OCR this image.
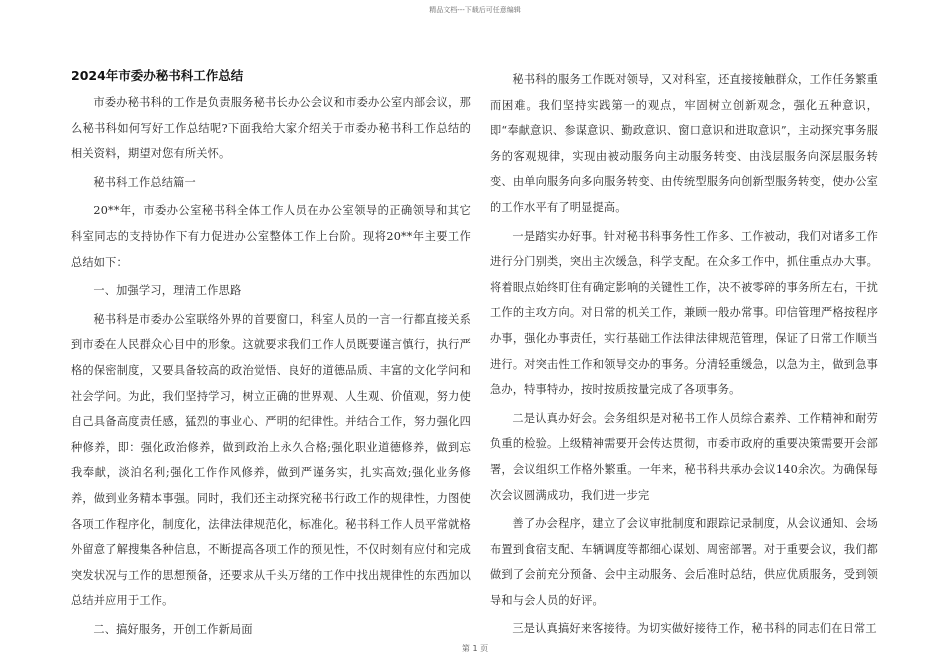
精品文档---下载后可任意编辑
2024年市委办秘书科工作总结

市委办秘书科的工作是负责服务秘书长办公会议和市委办公室内部会议，那么秘书科如何写好工作总结呢?下面我给大家介绍关于市委办秘书科工作总结的相关资料，期望对您有所关怀。

秘书科工作总结篇一

20**年，市委办公室秘书科全体工作人员在办公室领导的正确领导和其它科室同志的支持协作下有力促进办公室整体工作上台阶。现将20**年主要工作总结如下：

一、加强学习，理清工作思路

秘书科是市委办公室联络外界的首要窗口，科室人员的一言一行都直接关系到市委在人民群众心目中的形象。这就要求我们工作人员既要谨言慎行，执行严格的保密制度，又要具备较高的政治觉悟、良好的道德品质、丰富的文化学问和社会学问。为此，我们坚持学习，树立正确的世界观、人生观、价值观，努力使自己具备高度责任感，猛烈的事业心、严明的纪律性。并结合工作，努力强化四种修养，即：强化政治修养，做到政治上永久合格;强化职业道德修养，做到忘我奉献，淡泊名利;强化工作作风修养，做到严谨务实，扎实高效;强化业务修养，做到业务精本事强。同时，我们还主动探究秘书行政工作的规律性，力图使各项工作程序化，制度化，法律法律规范化，标准化。秘书科工作人员平常就格外留意了解搜集各种信息，不断提高各项工作的预见性，不仅时刻有应付和完成突发状况与工作的思想预备，还要求从千头万绪的工作中找出规律性的东西加以总结并应用于工作。

二、搞好服务，开创工作新局面

秘书科的服务工作既对领导，又对科室，还直接接触群众，工作任务繁重而困难。我们坚持实践第一的观点，牢固树立创新观念，强化五种意识，即“奉献意识、参谋意识、勤政意识、窗口意识和进取意识”，主动探究事务服务的客观规律，实现由被动服务向主动服务转变、由浅层服务向深层服务转变、由单向服务向多向服务转变、由传统型服务向创新型服务转变，使办公室的工作水平有了明显提高。

一是踏实办好事。针对秘书科事务性工作多、工作被动，我们对诸多工作进行分门别类，突出主次缓急，科学支配。在众多工作中，抓住重点办大事。将着眼点始终盯住有确定影响的关键性工作，决不被零碎的事务所左右，干扰工作的主攻方向。对日常的机关工作，兼顾一般办常事。印信管理严格按程序办事，强化办事责任，实行基础工作法律法律规范管理，保证了日常工作顺当进行。对突击性工作和领导交办的事务。分清轻重缓急，以急为主，做到急事急办，特事特办，按时按质按量完成了各项事务。

二是认真办好会。会务组织是对秘书工作人员综合素养、工作精神和耐劳负重的检验。上级精神需要开会传达贯彻，市委市政府的重要决策需要开会部署，会议组织工作格外繁重。一年来，秘书科共承办会议140余次。为确保每次会议圆满成功，我们进一步完

善了办会程序，建立了会议审批制度和跟踪记录制度，从会议通知、会场布置到食宿支配、车辆调度等都细心谋划、周密部署。对于重要会议，我们都做到了会前充分预备、会中主动服务、会后准时总结，供应优质服务，受到领导和与会人员的好评。

三是认真搞好来客接待。为切实做好接待工作，秘书科的同志们在日常工

第 1 页
